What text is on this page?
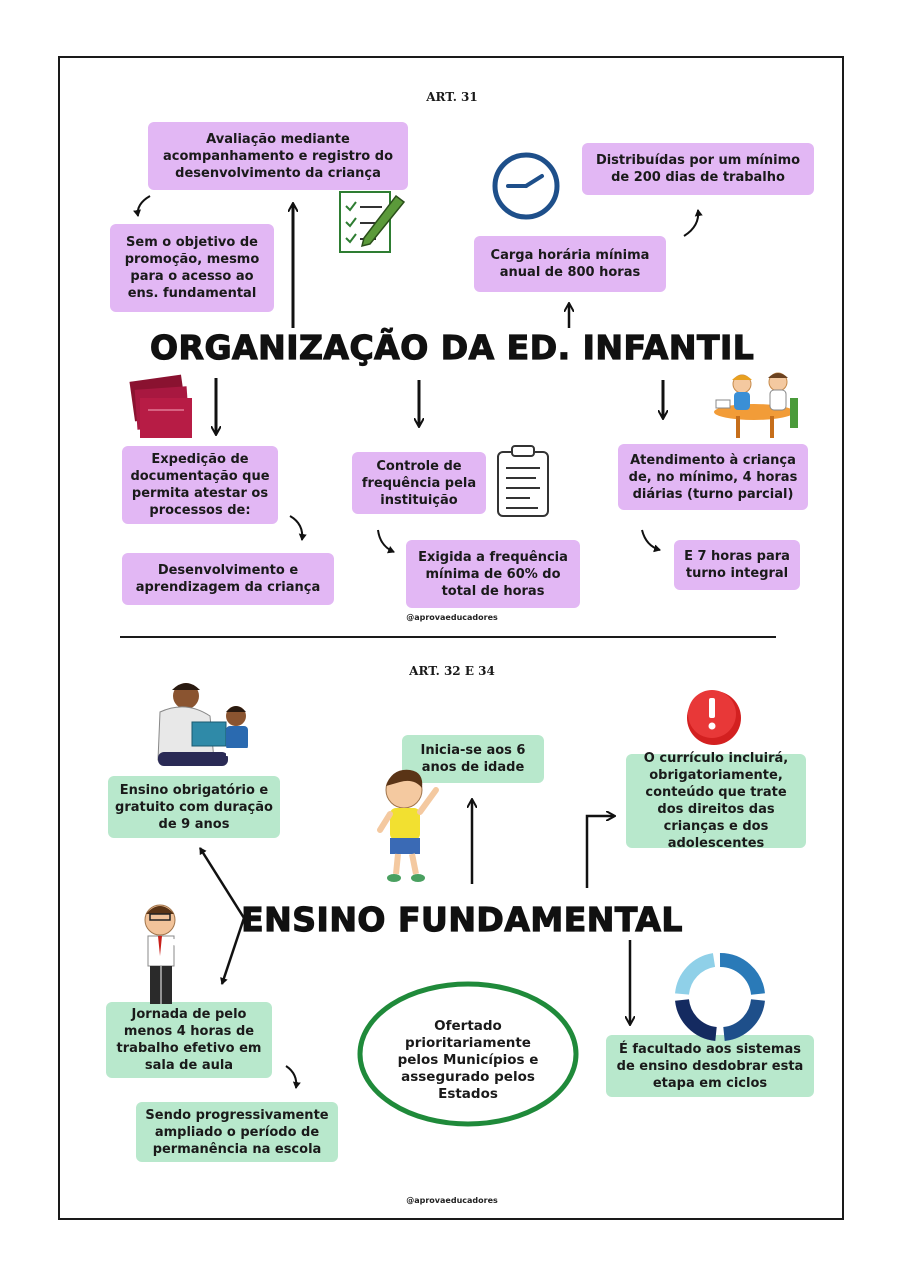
ART. 31
Avaliação mediante acompanhamento e registro do desenvolvimento da criança
Sem o objetivo de promoção, mesmo para o acesso ao ens. fundamental
Distribuídas por um mínimo de 200 dias de trabalho
Carga horária mínima anual de 800 horas
ORGANIZAÇÃO DA ED. INFANTIL
Expedição de documentação que permita atestar os processos de:
Desenvolvimento e aprendizagem da criança
Controle de frequência pela instituição
Exigida a frequência mínima de 60% do total de horas
Atendimento à criança de, no mínimo, 4 horas diárias (turno parcial)
E 7 horas para turno integral
@aprovaeducadores
ART. 32 E 34
Ensino obrigatório e gratuito com duração de 9 anos
Inicia-se aos 6 anos de idade
O currículo incluirá, obrigatoriamente, conteúdo que trate dos direitos das crianças e dos adolescentes
ENSINO FUNDAMENTAL
Jornada de pelo menos 4 horas de trabalho efetivo em sala de aula
Sendo progressivamente ampliado o período de permanência na escola
É facultado aos sistemas de ensino desdobrar esta etapa em ciclos
Ofertado prioritariamente pelos Municípios e assegurado pelos Estados
@aprovaeducadores
